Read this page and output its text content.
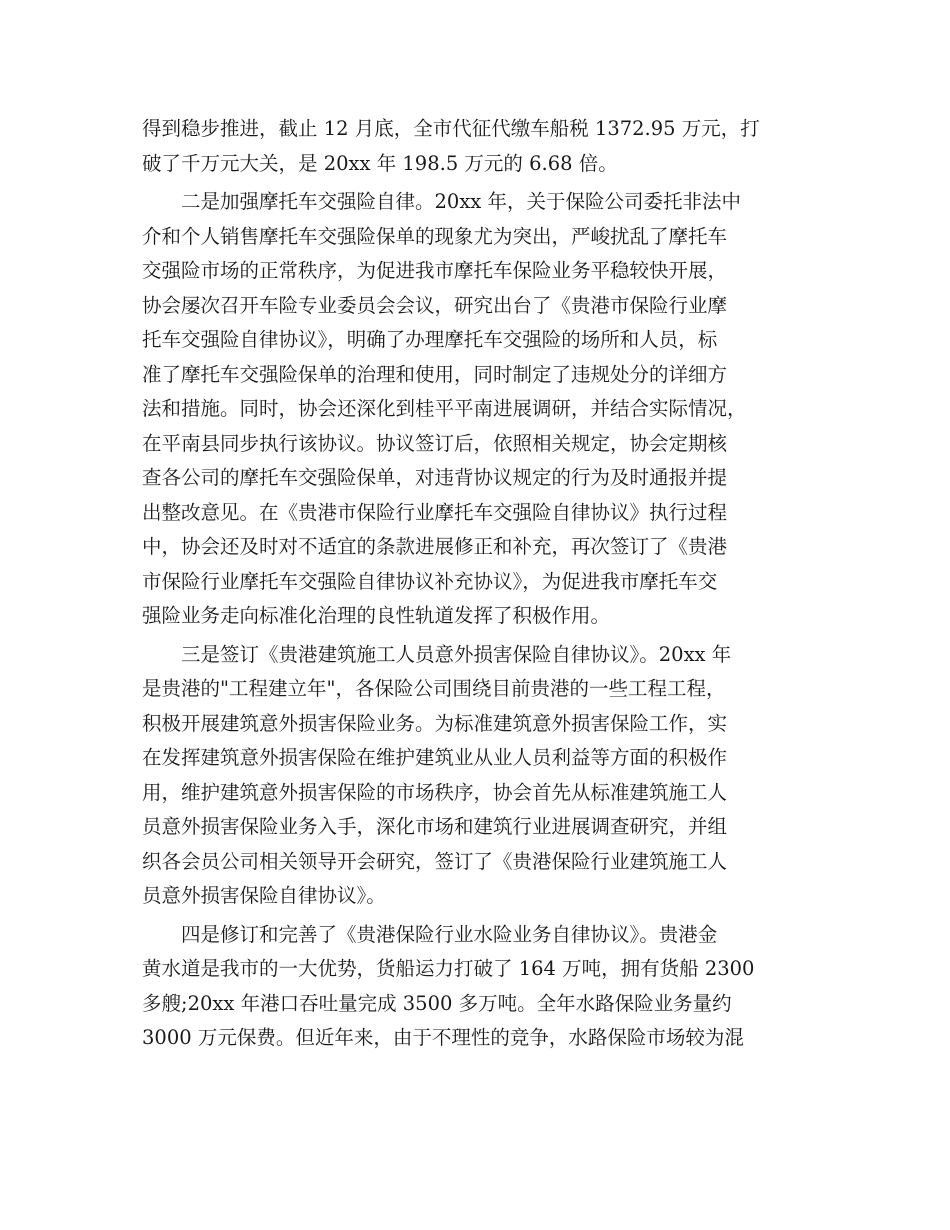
得到稳步推进，截止 12 月底，全市代征代缴车船税 1372.95 万元，打
破了千万元大关，是 20xx 年 198.5 万元的 6.68 倍。
　　二是加强摩托车交强险自律。20xx 年，关于保险公司委托非法中
介和个人销售摩托车交强险保单的现象尤为突出，严峻扰乱了摩托车
交强险市场的正常秩序，为促进我市摩托车保险业务平稳较快开展，
协会屡次召开车险专业委员会会议，研究出台了《贵港市保险行业摩
托车交强险自律协议》，明确了办理摩托车交强险的场所和人员，标
准了摩托车交强险保单的治理和使用，同时制定了违规处分的详细方
法和措施。同时，协会还深化到桂平平南进展调研，并结合实际情况，
在平南县同步执行该协议。协议签订后，依照相关规定，协会定期核
查各公司的摩托车交强险保单，对违背协议规定的行为及时通报并提
出整改意见。在《贵港市保险行业摩托车交强险自律协议》执行过程
中，协会还及时对不适宜的条款进展修正和补充，再次签订了《贵港
市保险行业摩托车交强险自律协议补充协议》，为促进我市摩托车交
强险业务走向标准化治理的良性轨道发挥了积极作用。
　　三是签订《贵港建筑施工人员意外损害保险自律协议》。20xx 年
是贵港的"工程建立年"，各保险公司围绕目前贵港的一些工程工程，
积极开展建筑意外损害保险业务。为标准建筑意外损害保险工作，实
在发挥建筑意外损害保险在维护建筑业从业人员利益等方面的积极作
用，维护建筑意外损害保险的市场秩序，协会首先从标准建筑施工人
员意外损害保险业务入手，深化市场和建筑行业进展调查研究，并组
织各会员公司相关领导开会研究，签订了《贵港保险行业建筑施工人
员意外损害保险自律协议》。
　　四是修订和完善了《贵港保险行业水险业务自律协议》。贵港金
黄水道是我市的一大优势，货船运力打破了 164 万吨，拥有货船 2300
多艘;20xx 年港口吞吐量完成 3500 多万吨。全年水路保险业务量约
3000 万元保费。但近年来，由于不理性的竞争，水路保险市场较为混
